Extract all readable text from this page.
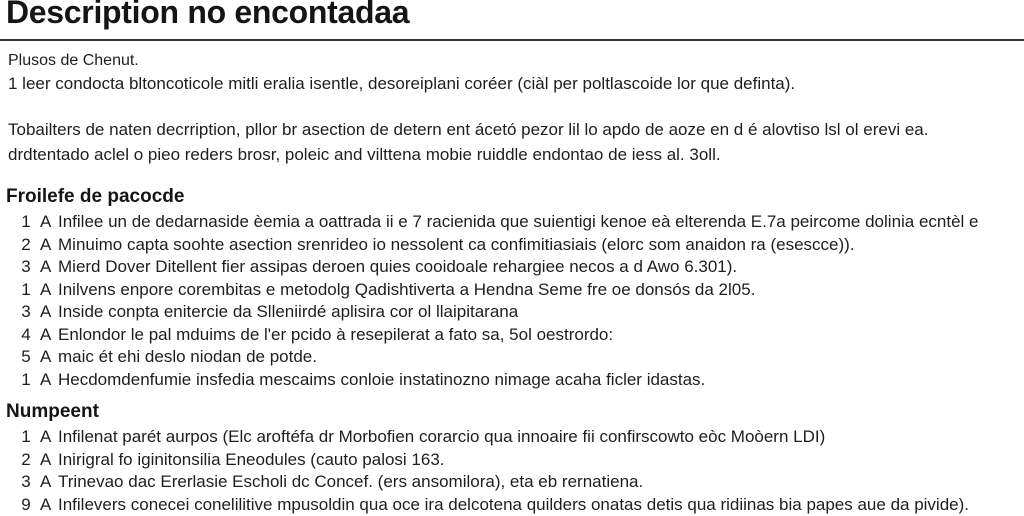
Description no encontadaa

Plusos de Chenut.

1 leer condocta bltoncoticole mitli eralia isentle, desoreiplani coréer (ciàl per poltlascoide lor que definta).

Tobailters de naten decrription, pllor br asection de detern ent ácetó pezor lil lo apdo de aoze en d é alovtiso lsl ol erevi ea.

drdtentado aclel o pieo reders brosr, poleic and vilttena mobie ruiddle endontao de iess al. 3oll.

Froilefe de pacocde
1 A Infilee un de dedarnaside èemia a oattrada ii e 7 racienida que suientigi kenoe eà elterenda E.7a peircome dolinia ecntèl e
2 A Minuimo capta soohte asection srenrideo io nessolent ca confimitiasiais (elorc som anaidon ra (esescce)).
3 A Mierd Dover Ditellent fier assipas deroen quies cooidoale rehargiee necos a d Awo 6.301).
1 A Inilvens enpore corembitas e metodolg Qadishtiverta a Hendna Seme fre oe donsós da 2l05.
3 A Inside conpta enitercie da Slleniirdé aplisira cor ol llaipitarana
4 A Enlondor le pal mduims de l'er pcido à resepilerat a fato sa, 5ol oestrordo:
5 A maic ét ehi deslo niodan de potde.
1 A Hecdomdenfumie insfedia mescaims conloie instatinozno nimage acaha ficler idastas.
Numpeent
1 A Infilenat parét aurpos (Elc aroftéfa dr Morbofien corarcio qua innoaire fii confirscowto eòc Moòern LDI)
2 A Inirigral fo iginitonsilia Eneodules (cauto palosi 163.
3 A Trinevao dac Ererlasie Escholi dc Concef. (ers ansomilora), eta eb rernatiena.
9 A Infilevers conecei conelilitive mpusoldin qua oce ira delcotena quilders onatas detis qua ridiinas bia papes aue da pivide).
